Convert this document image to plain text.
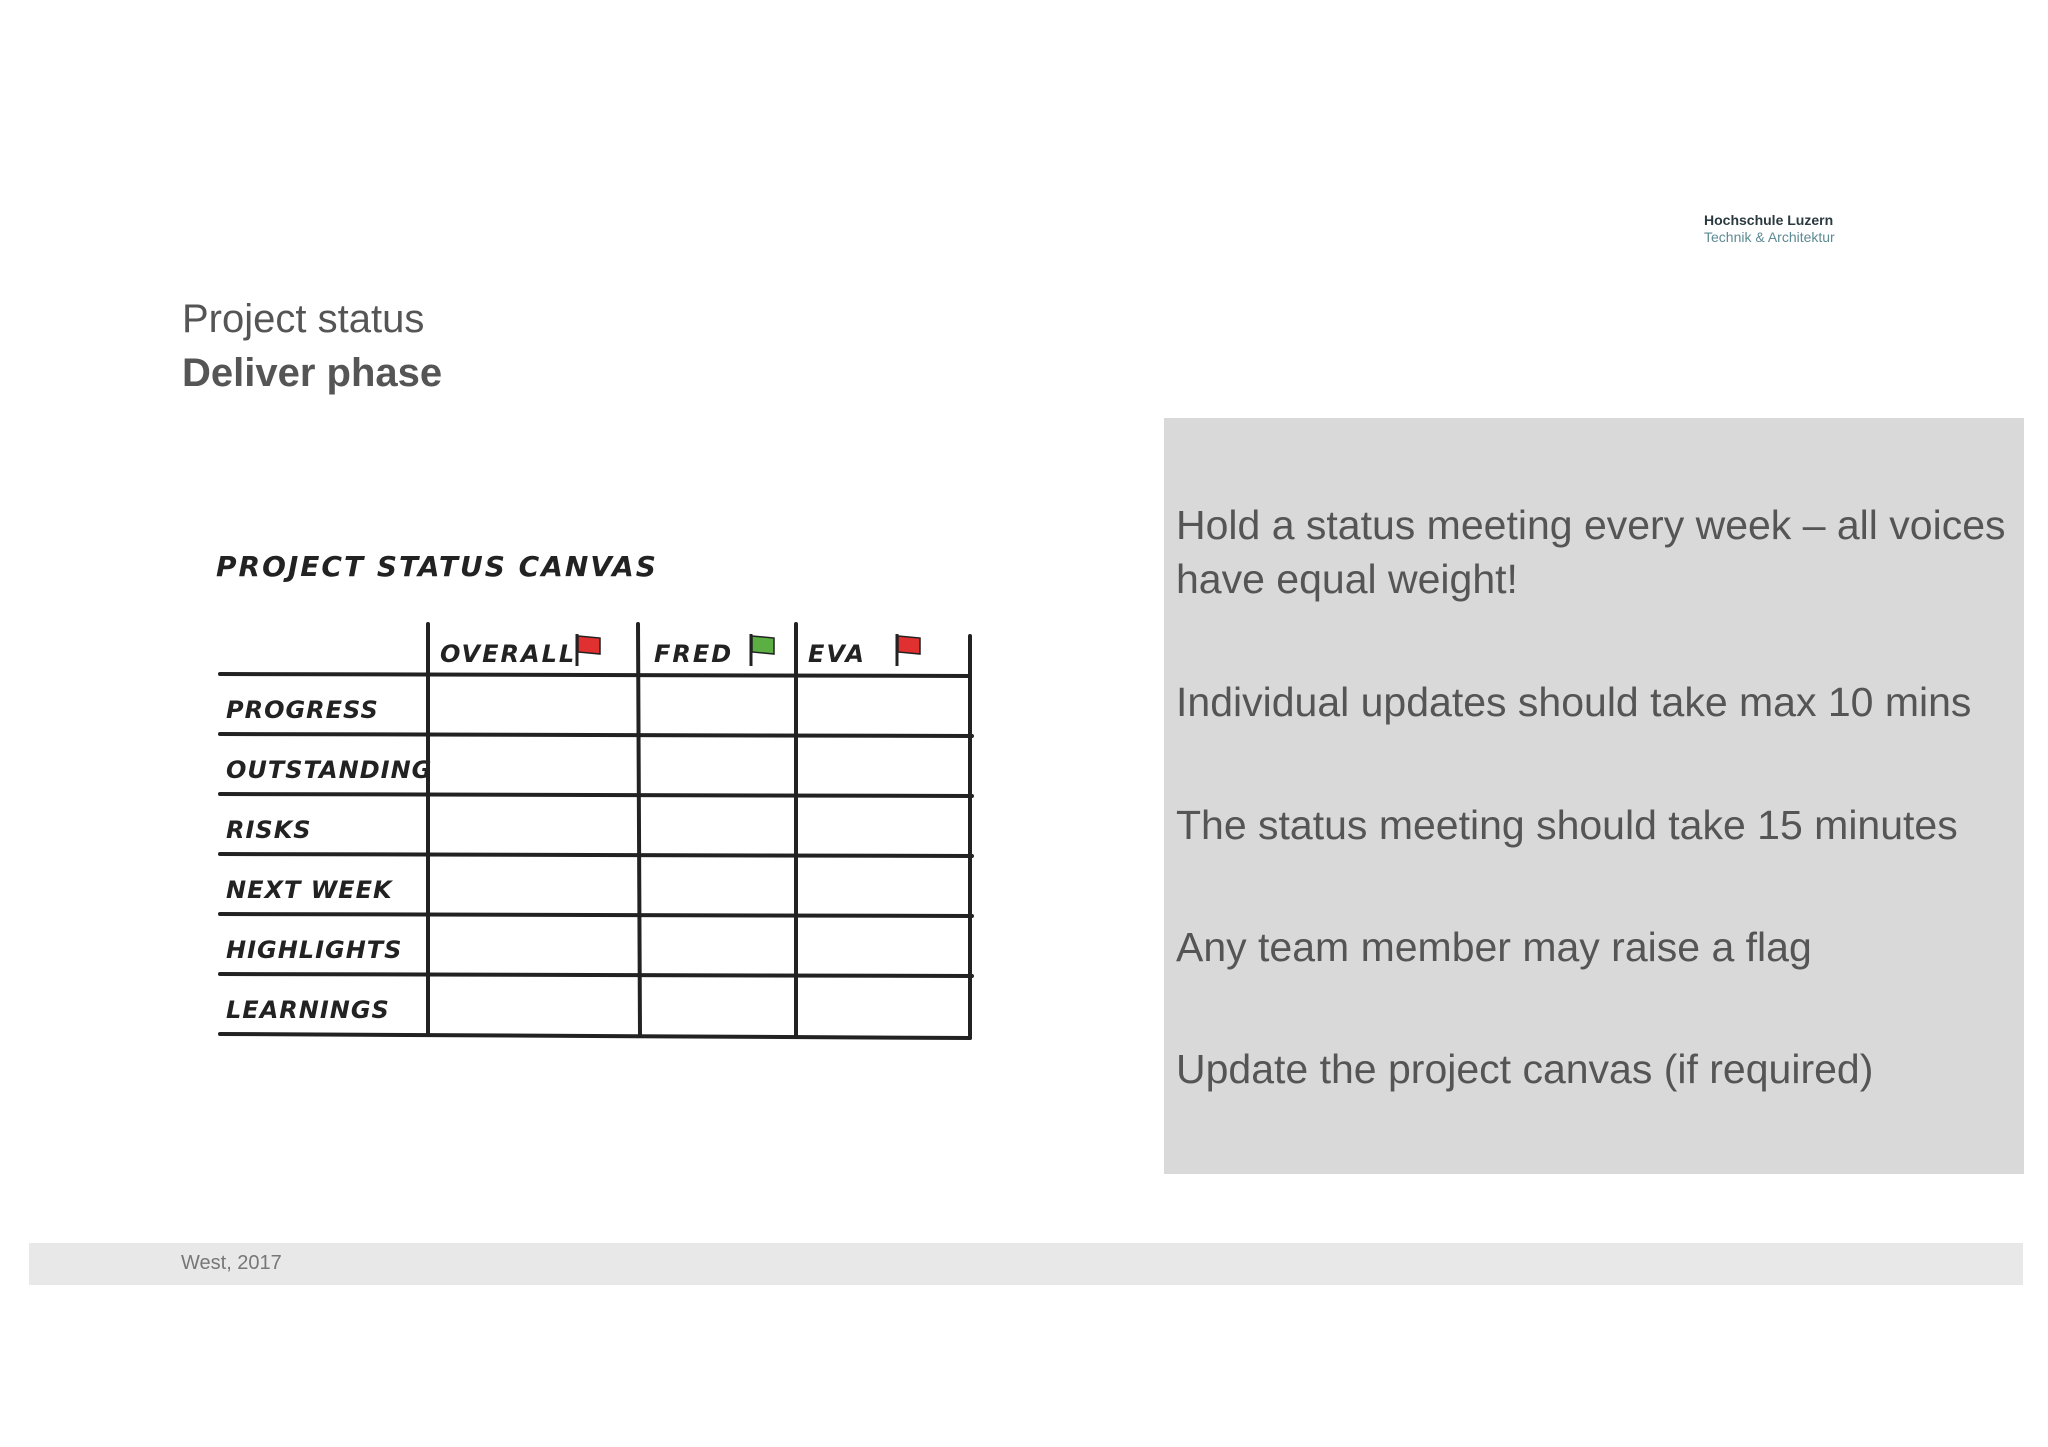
Hochschule Luzern
Technik & Architektur
Project status
Deliver phase
PROJECT STATUS CANVAS
OVERALL	FRED	EVA
PROGRESS
OUTSTANDING
RISKS
NEXT WEEK
HIGHLIGHTS
LEARNINGS
Hold a status meeting every week – all voices have equal weight!
Individual updates should take max 10 mins
The status meeting should take 15 minutes
Any team member may raise a flag
Update the project canvas (if required)
West, 2017
